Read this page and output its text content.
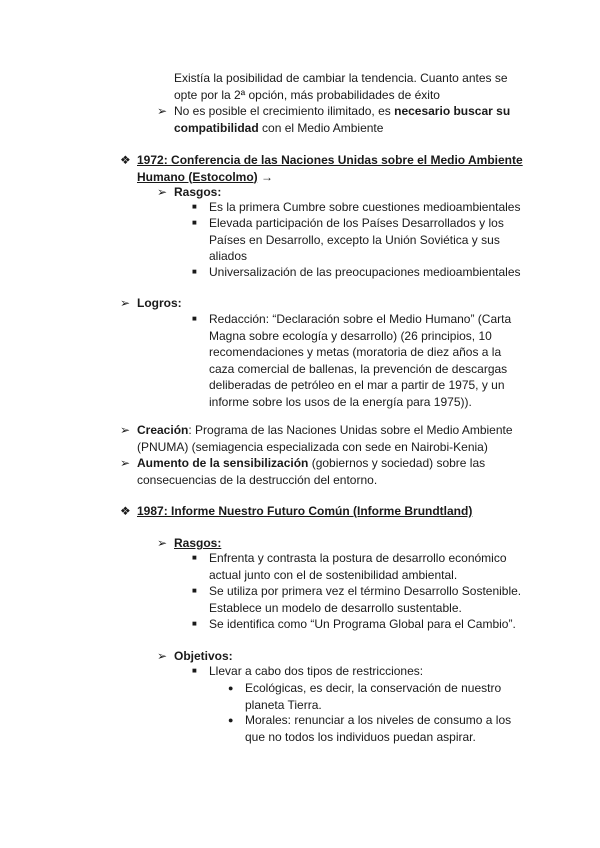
Existía la posibilidad de cambiar la tendencia. Cuanto antes se
opte por la 2ª opción, más probabilidades de éxito
➢ No es posible el crecimiento ilimitado, es necesario buscar su
compatibilidad con el Medio Ambiente
❖ 1972: Conferencia de las Naciones Unidas sobre el Medio Ambiente
Humano (Estocolmo) →
➢ Rasgos:
■ Es la primera Cumbre sobre cuestiones medioambientales
■ Elevada participación de los Países Desarrollados y los
Países en Desarrollo, excepto la Unión Soviética y sus
aliados
■ Universalización de las preocupaciones medioambientales
➢ Logros:
■ Redacción: “Declaración sobre el Medio Humano” (Carta
Magna sobre ecología y desarrollo) (26 principios, 10
recomendaciones y metas (moratoria de diez años a la
caza comercial de ballenas, la prevención de descargas
deliberadas de petróleo en el mar a partir de 1975, y un
informe sobre los usos de la energía para 1975)).
➢ Creación: Programa de las Naciones Unidas sobre el Medio Ambiente
(PNUMA) (semiagencia especializada con sede en Nairobi-Kenia)
➢ Aumento de la sensibilización (gobiernos y sociedad) sobre las
consecuencias de la destrucción del entorno.
❖ 1987: Informe Nuestro Futuro Común (Informe Brundtland)
➢ Rasgos:
■ Enfrenta y contrasta la postura de desarrollo económico
actual junto con el de sostenibilidad ambiental.
■ Se utiliza por primera vez el término Desarrollo Sostenible.
Establece un modelo de desarrollo sustentable.
■ Se identifica como “Un Programa Global para el Cambio”.
➢ Objetivos:
■ Llevar a cabo dos tipos de restricciones:
● Ecológicas, es decir, la conservación de nuestro
planeta Tierra.
● Morales: renunciar a los niveles de consumo a los
que no todos los individuos puedan aspirar.
